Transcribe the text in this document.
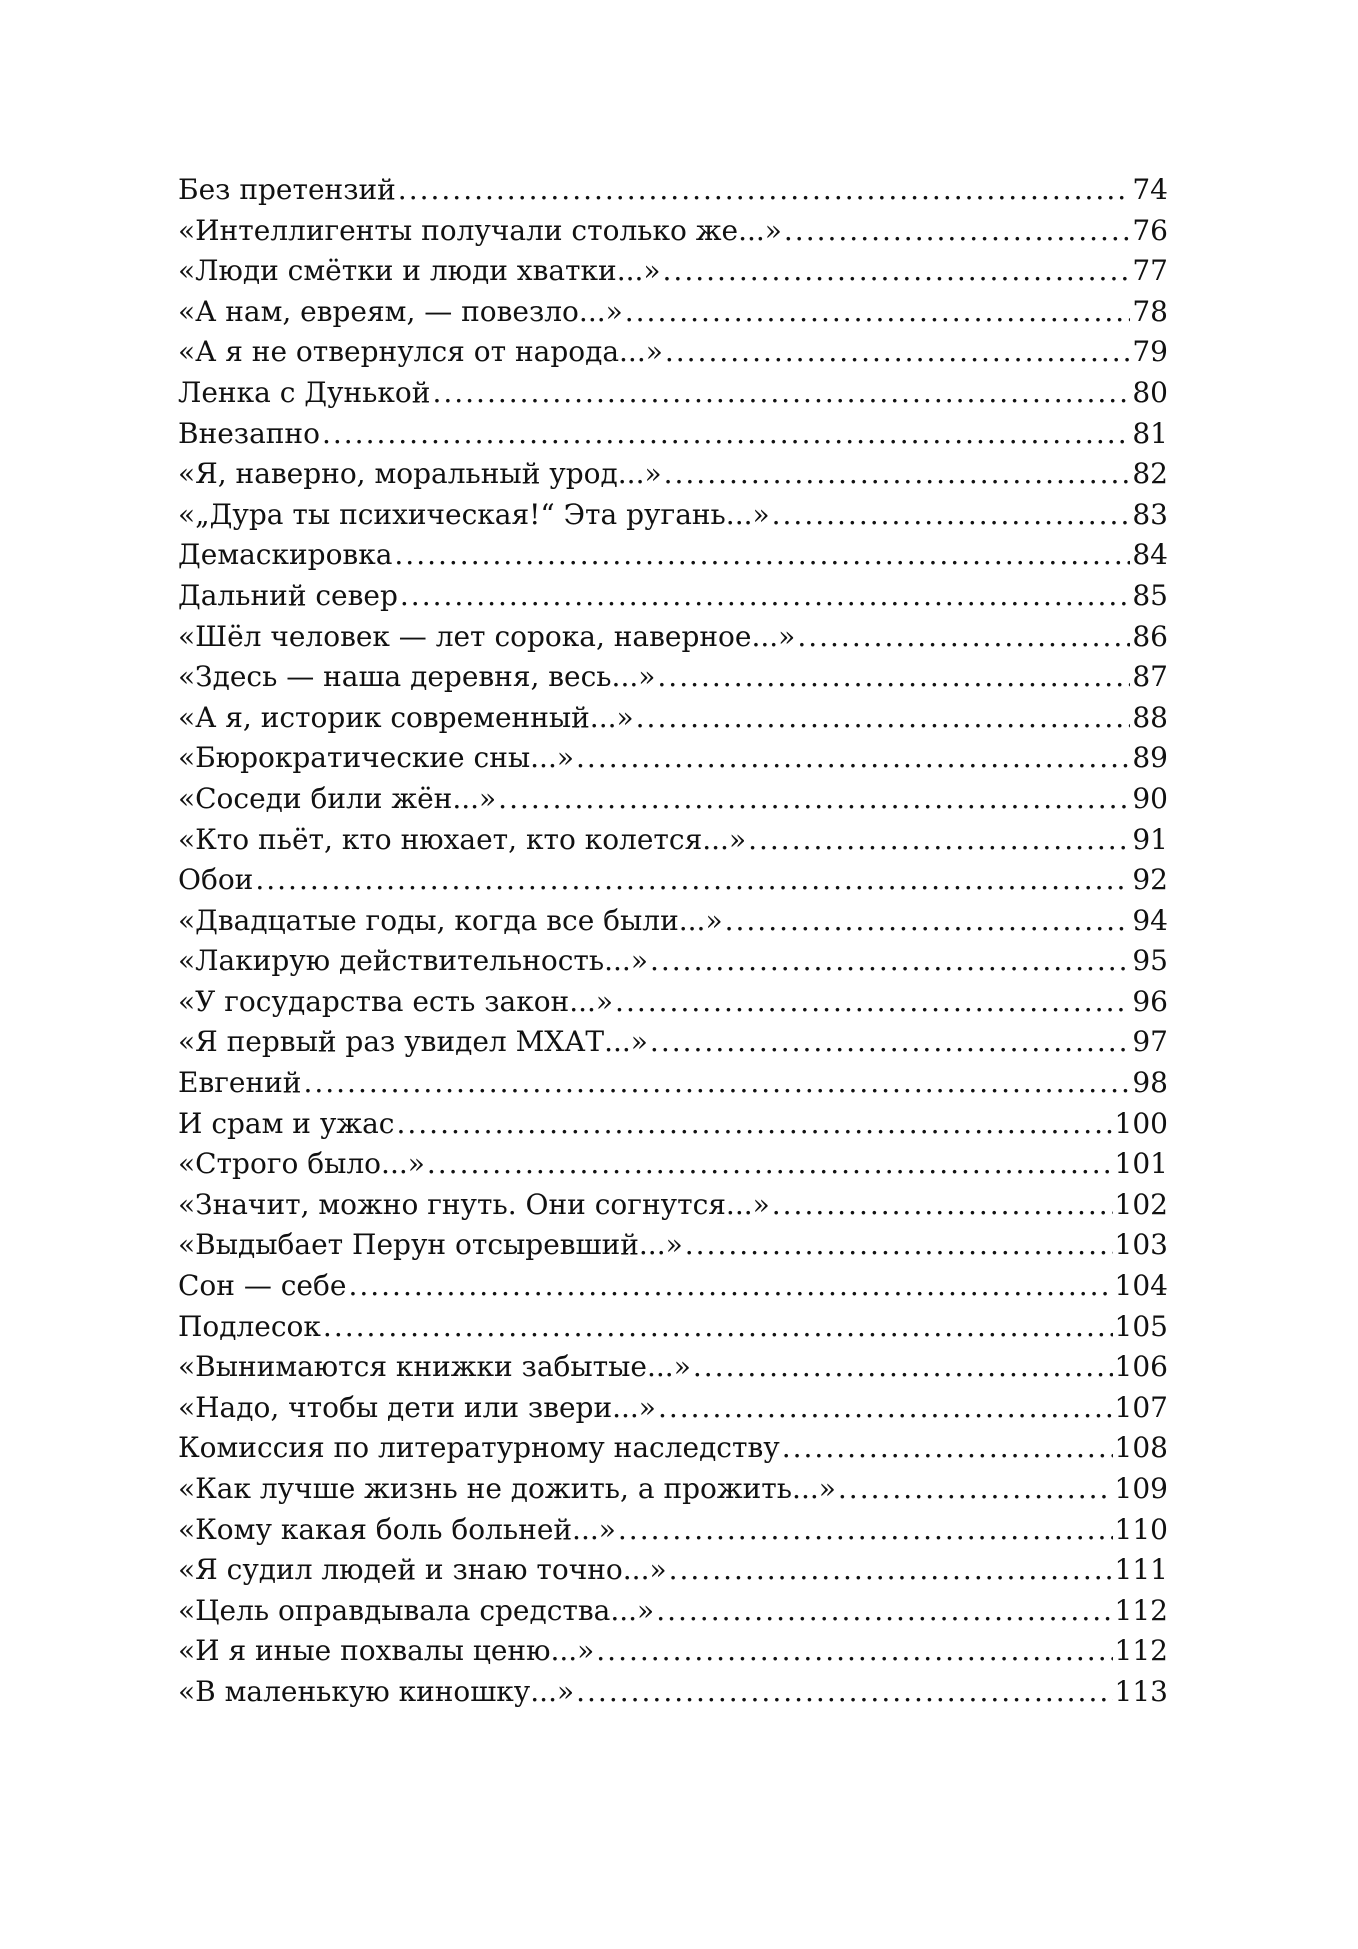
Без претензий .....	74
«Интеллигенты получали столько же...» .....	76
«Люди смётки и люди хватки...» .....	77
«А нам, евреям, — повезло...» .....	78
«А я не отвернулся от народа...» .....	79
Ленка с Дунькой .....	80
Внезапно .....	81
«Я, наверно, моральный урод...» .....	82
«„Дура ты психическая!“ Эта ругань...» .....	83
Демаскировка .....	84
Дальний север .....	85
«Шёл человек — лет сорока, наверное...» .....	86
«Здесь — наша деревня, весь...» .....	87
«А я, историк современный...» .....	88
«Бюрократические сны...» .....	89
«Соседи били жён...» .....	90
«Кто пьёт, кто нюхает, кто колется...» .....	91
Обои .....	92
«Двадцатые годы, когда все были...» .....	94
«Лакирую действительность...» .....	95
«У государства есть закон...» .....	96
«Я первый раз увидел МХАТ...» .....	97
Евгений .....	98
И срам и ужас .....	100
«Строго было...» .....	101
«Значит, можно гнуть. Они согнутся...» .....	102
«Выдыбает Перун отсыревший...» .....	103
Сон — себе .....	104
Подлесок .....	105
«Вынимаются книжки забытые...» .....	106
«Надо, чтобы дети или звери...» .....	107
Комиссия по литературному наследству .....	108
«Как лучше жизнь не дожить, а прожить...» .....	109
«Кому какая боль больней...» .....	110
«Я судил людей и знаю точно...» .....	111
«Цель оправдывала средства...» .....	112
«И я иные похвалы ценю...» .....	112
«В маленькую киношку...» .....	113
